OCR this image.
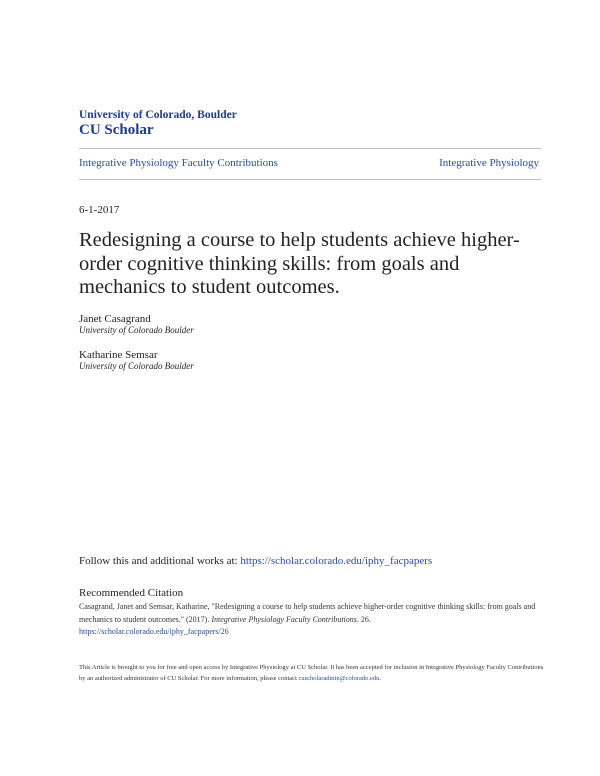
University of Colorado, Boulder
CU Scholar
Integrative Physiology Faculty Contributions	Integrative Physiology
6-1-2017
Redesigning a course to help students achieve higher-order cognitive thinking skills: from goals and mechanics to student outcomes.
Janet Casagrand
University of Colorado Boulder
Katharine Semsar
University of Colorado Boulder
Follow this and additional works at: https://scholar.colorado.edu/iphy_facpapers
Recommended Citation
Casagrand, Janet and Semsar, Katharine, "Redesigning a course to help students achieve higher-order cognitive thinking skills: from goals and mechanics to student outcomes." (2017). Integrative Physiology Faculty Contributions. 26.
https://scholar.colorado.edu/iphy_facpapers/26
This Article is brought to you for free and open access by Integrative Physiology at CU Scholar. It has been accepted for inclusion in Integrative Physiology Faculty Contributions by an authorized administrator of CU Scholar. For more information, please contact cuscholaradmin@colorado.edu.
